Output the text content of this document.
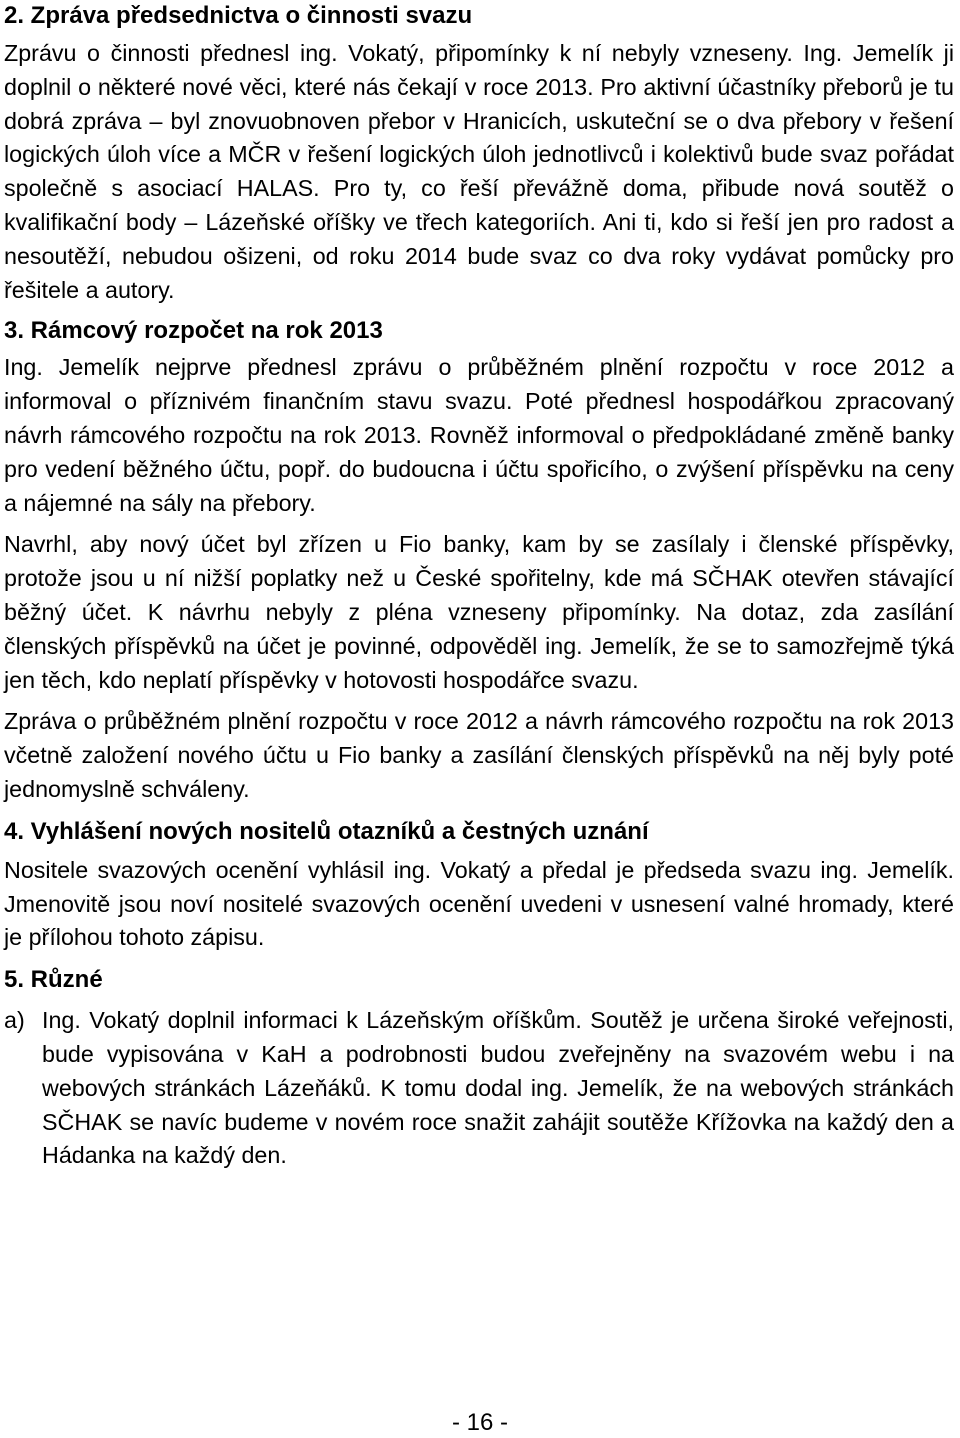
2. Zpráva předsednictva o činnosti svazu

Zprávu o činnosti přednesl ing. Vokatý, připomínky k ní nebyly vzneseny. Ing. Jemelík ji doplnil o některé nové věci, které nás čekají v roce 2013. Pro aktivní účastníky přeborů je tu dobrá zpráva – byl znovuobnoven přebor v Hranicích, uskuteční se o dva přebory v řešení logických úloh více a MČR v řešení logických úloh jednotlivců i kolektivů bude svaz pořádat společně s asociací HALAS. Pro ty, co řeší převážně doma, přibude nová soutěž o kvalifikační body – Lázeňské oříšky ve třech kategoriích. Ani ti, kdo si řeší jen pro radost a nesoutěží, nebudou ošizeni, od roku 2014 bude svaz co dva roky vydávat pomůcky pro řešitele a autory.

3. Rámcový rozpočet na rok 2013

Ing. Jemelík nejprve přednesl zprávu o průběžném plnění rozpočtu v roce 2012 a informoval o příznivém finančním stavu svazu. Poté přednesl hospodářkou zpracovaný návrh rámcového rozpočtu na rok 2013. Rovněž informoval o předpokládané změně banky pro vedení běžného účtu, popř. do budoucna i účtu spořicího, o zvýšení příspěvku na ceny a nájemné na sály na přebory.

Navrhl, aby nový účet byl zřízen u Fio banky, kam by se zasílaly i členské příspěvky, protože jsou u ní nižší poplatky než u České spořitelny, kde má SČHAK otevřen stávající běžný účet. K návrhu nebyly z pléna vzneseny připomínky. Na dotaz, zda zasílání členských příspěvků na účet je povinné, odpověděl ing. Jemelík, že se to samozřejmě týká jen těch, kdo neplatí příspěvky v hotovosti hospodářce svazu.

Zpráva o průběžném plnění rozpočtu v roce 2012 a návrh rámcového rozpočtu na rok 2013 včetně založení nového účtu u Fio banky a zasílání členských příspěvků na něj byly poté jednomyslně schváleny.

4. Vyhlášení nových nositelů otazníků a čestných uznání

Nositele svazových ocenění vyhlásil ing. Vokatý a předal je předseda svazu ing. Jemelík. Jmenovitě jsou noví nositelé svazových ocenění uvedeni v usnesení valné hromady, které je přílohou tohoto zápisu.

5. Různé
a) Ing. Vokatý doplnil informaci k Lázeňským oříškům. Soutěž je určena široké veřejnosti, bude vypisována v KaH a podrobnosti budou zveřejněny na svazovém webu i na webových stránkách Lázeňáků. K tomu dodal ing. Jemelík, že na webových stránkách SČHAK se navíc budeme v novém roce snažit zahájit soutěže Křížovka na každý den a Hádanka na každý den.

- 16 -
